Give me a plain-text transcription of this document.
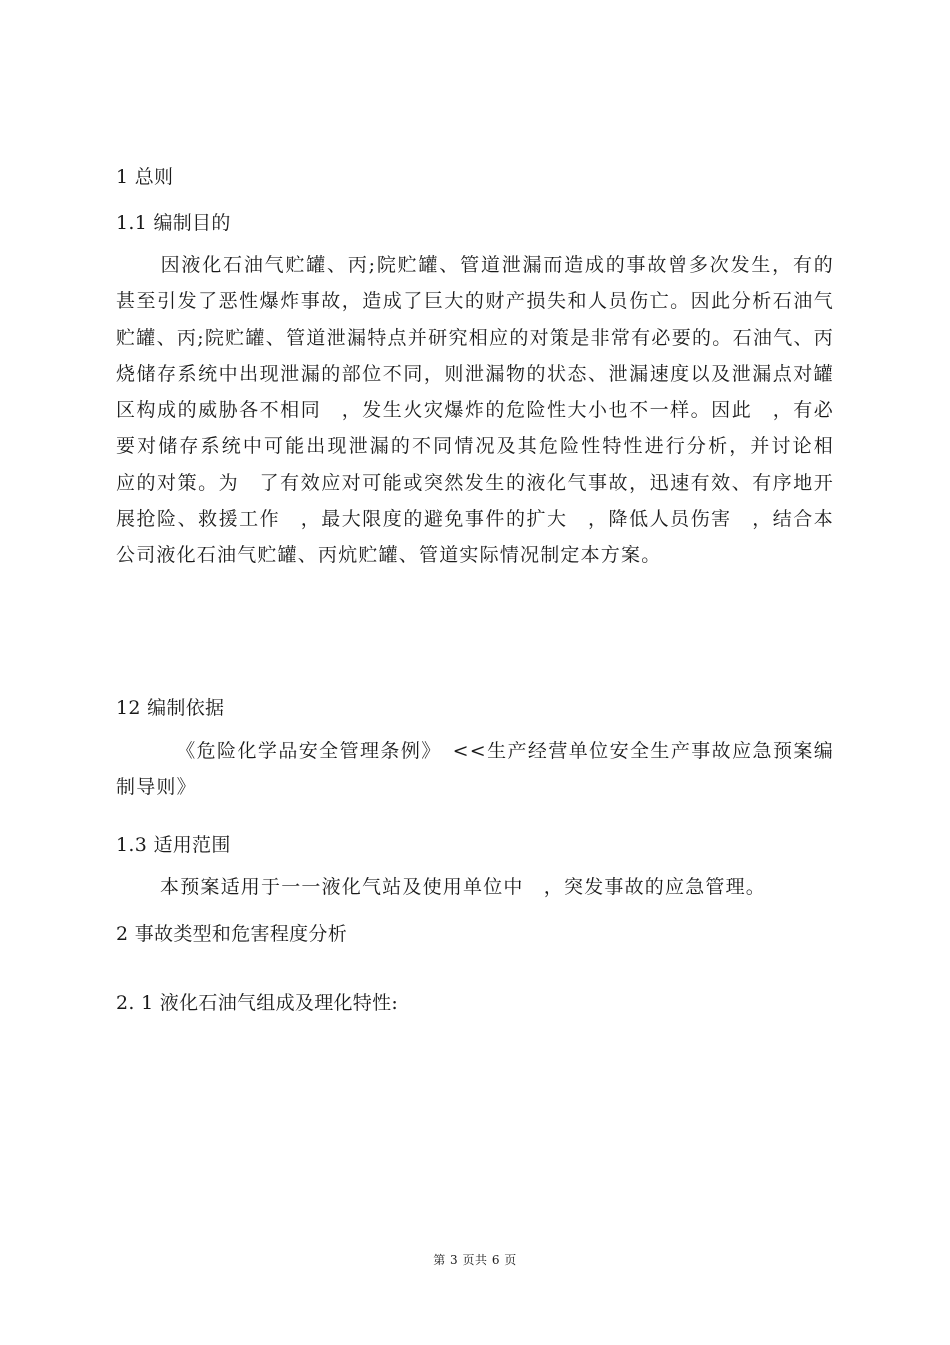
1 总则
1.1 编制目的

因液化石油气贮罐、丙;院贮罐、管道泄漏而造成的事故曾多次发生，有的甚至引发了恶性爆炸事故，造成了巨大的财产损失和人员伤亡。因此分析石油气贮罐、丙;院贮罐、管道泄漏特点并研究相应的对策是非常有必要的。石油气、丙烧储存系统中出现泄漏的部位不同，则泄漏物的状态、泄漏速度以及泄漏点对罐区构成的威胁各不相同　，发生火灾爆炸的危险性大小也不一样。因此　，有必要对储存系统中可能出现泄漏的不同情况及其危险性特性进行分析，并讨论相　应的对策。为　了有效应对可能或突然发生的液化气事故，迅速有效、有序地开展抢险、救援工作　，最大限度的避免事件的扩大　，降低人员伤害　，结合本公司液化石油气贮罐、丙炕贮罐、管道实际情况制定本方案。

12 编制依据

《危险化学品安全管理条例》　<<生产经营单位安全生产事故应急预案编制导则》

1.3 适用范围

本预案适用于一一液化气站及使用单位中　，突发事故的应急管理。

2 事故类型和危害程度分析
2. 1 液化石油气组成及理化特性:
第 3 页共 6 页
